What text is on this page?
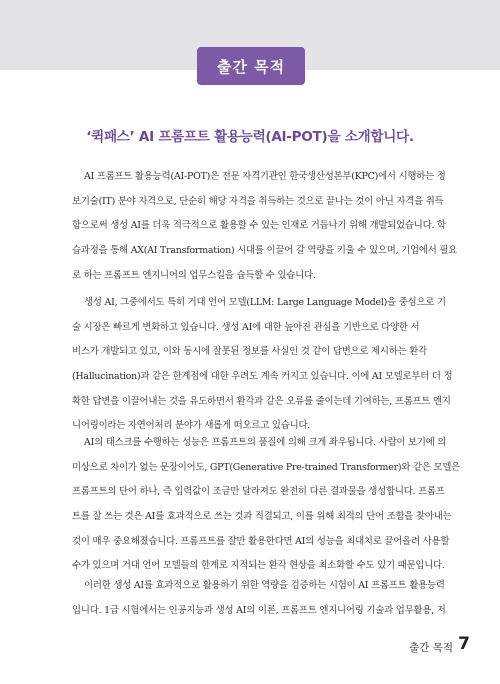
출간 목적
‘퀵패스’ AI 프롬프트 활용능력(AI-POT)을 소개합니다.

AI 프롬프트 활용능력(AI-POT)은 전문 자격기관인 한국생산성본부(KPC)에서 시행하는 정
보기술(IT) 분야 자격으로, 단순히 해당 자격을 취득하는 것으로 끝나는 것이 아닌 자격을 취득
함으로써 생성 AI를 더욱 적극적으로 활용할 수 있는 인재로 거듭나기 위해 개발되었습니다. 학
습과정을 통해 AX(AI Transformation) 시대를 이끌어 갈 역량을 키울 수 있으며, 기업에서 필요
로 하는 프롬프트 엔지니어의 업무스킬을 습득할 수 있습니다.

생성 AI, 그중에서도 특히 거대 언어 모델(LLM: Large Language Model)을 중심으로 기
술 시장은 빠르게 변화하고 있습니다. 생성 AI에 대한 높아진 관심을 기반으로 다양한 서
비스가 개발되고 있고, 이와 동시에 잘못된 정보를 사실인 것 같이 답변으로 제시하는 환각
(Hallucination)과 같은 한계점에 대한 우려도 계속 커지고 있습니다. 이에 AI 모델로부터 더 정
확한 답변을 이끌어내는 것을 유도하면서 환각과 같은 오류를 줄이는데 기여하는, 프롬프트 엔지
니어링이라는 자연어처리 분야가 새롭게 떠오르고 있습니다.

AI의 태스크를 수행하는 성능은 프롬프트의 품질에 의해 크게 좌우됩니다. 사람이 보기에 의
미상으로 차이가 없는 문장이어도, GPT(Generative Pre-trained Transformer)와 같은 모델은
프롬프트의 단어 하나, 즉 입력값이 조금만 달라져도 완전히 다른 결과물을 생성합니다. 프롬프
트를 잘 쓰는 것은 AI를 효과적으로 쓰는 것과 직결되고, 이를 위해 최적의 단어 조합을 찾아내는
것이 매우 중요해졌습니다. 프롬프트를 잘만 활용한다면 AI의 성능을 최대치로 끌어올려 사용할
수가 있으며 거대 언어 모델들의 한계로 지적되는 환각 현상을 최소화할 수도 있기 때문입니다.

이러한 생성 AI를 효과적으로 활용하기 위한 역량을 검증하는 시험이 AI 프롬프트 활용능력
입니다. 1급 시험에서는 인공지능과 생성 AI의 이론, 프롬프트 엔지니어링 기술과 업무활용, 저

출간 목적 7
